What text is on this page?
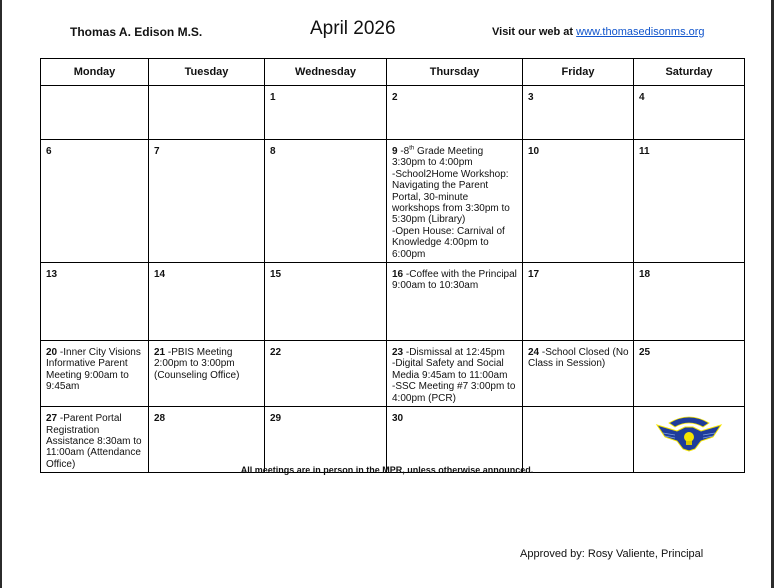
Thomas A. Edison M.S.	April 2026	Visit our web at www.thomasedisonms.org
Monday	Tuesday	Wednesday	Thursday	Friday	Saturday

		1	2	3	4

6	7	8	9 -8th Grade Meeting 3:30pm to 4:00pm
-School2Home Workshop: Navigating the Parent Portal, 30-minute workshops from 3:30pm to 5:30pm (Library)
-Open House: Carnival of Knowledge 4:00pm to 6:00pm	10	11

13	14	15	16 -Coffee with the Principal 9:00am to 10:30am	17	18

20 -Inner City Visions Informative Parent Meeting 9:00am to 9:45am	21 -PBIS Meeting 2:00pm to 3:00pm (Counseling Office)	22	23 -Dismissal at 12:45pm
-Digital Safety and Social Media 9:45am to 11:00am
-SSC Meeting #7 3:00pm to 4:00pm (PCR)	24 -School Closed (No Class in Session)	25

27 -Parent Portal Registration Assistance 8:30am to 11:00am (Attendance Office)	28	29	30

All meetings are in person in the MPR, unless otherwise announced.
Approved by: Rosy Valiente, Principal
